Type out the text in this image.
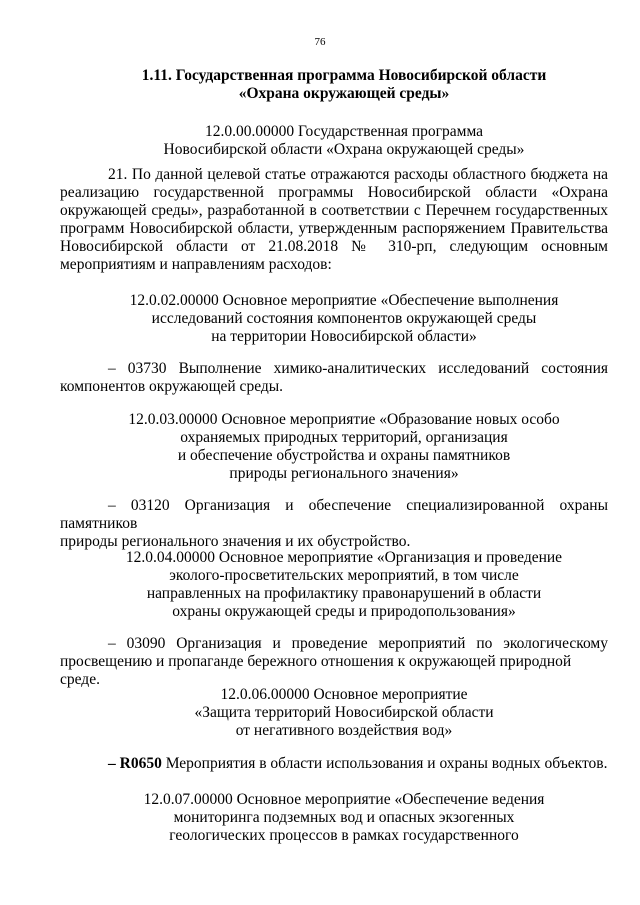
76
1.11. Государственная программа Новосибирской области
«Охрана окружающей среды»
12.0.00.00000 Государственная программа
Новосибирской области «Охрана окружающей среды»
21. По данной целевой статье отражаются расходы областного бюджета на
реализацию государственной программы Новосибирской области «Охрана
окружающей среды», разработанной в соответствии с Перечнем государственных
программ Новосибирской области, утвержденным распоряжением Правительства
Новосибирской области от 21.08.2018 № 310-рп, следующим основным
мероприятиям и направлениям расходов:
12.0.02.00000 Основное мероприятие «Обеспечение выполнения
исследований состояния компонентов окружающей среды
на территории Новосибирской области»
– 03730 Выполнение химико-аналитических исследований состояния
компонентов окружающей среды.
12.0.03.00000 Основное мероприятие «Образование новых особо
охраняемых природных территорий, организация
и обеспечение обустройства и охраны памятников
природы регионального значения»
– 03120 Организация и обеспечение специализированной охраны памятников
природы регионального значения и их обустройство.
12.0.04.00000 Основное мероприятие «Организация и проведение
эколого-просветительских мероприятий, в том числе
направленных на профилактику правонарушений в области
охраны окружающей среды и природопользования»
– 03090 Организация и проведение мероприятий по экологическому
просвещению и пропаганде бережного отношения к окружающей природной среде.
12.0.06.00000 Основное мероприятие
«Защита территорий Новосибирской области
от негативного воздействия вод»
– R0650 Мероприятия в области использования и охраны водных объектов.
12.0.07.00000 Основное мероприятие «Обеспечение ведения
мониторинга подземных вод и опасных экзогенных
геологических процессов в рамках государственного
